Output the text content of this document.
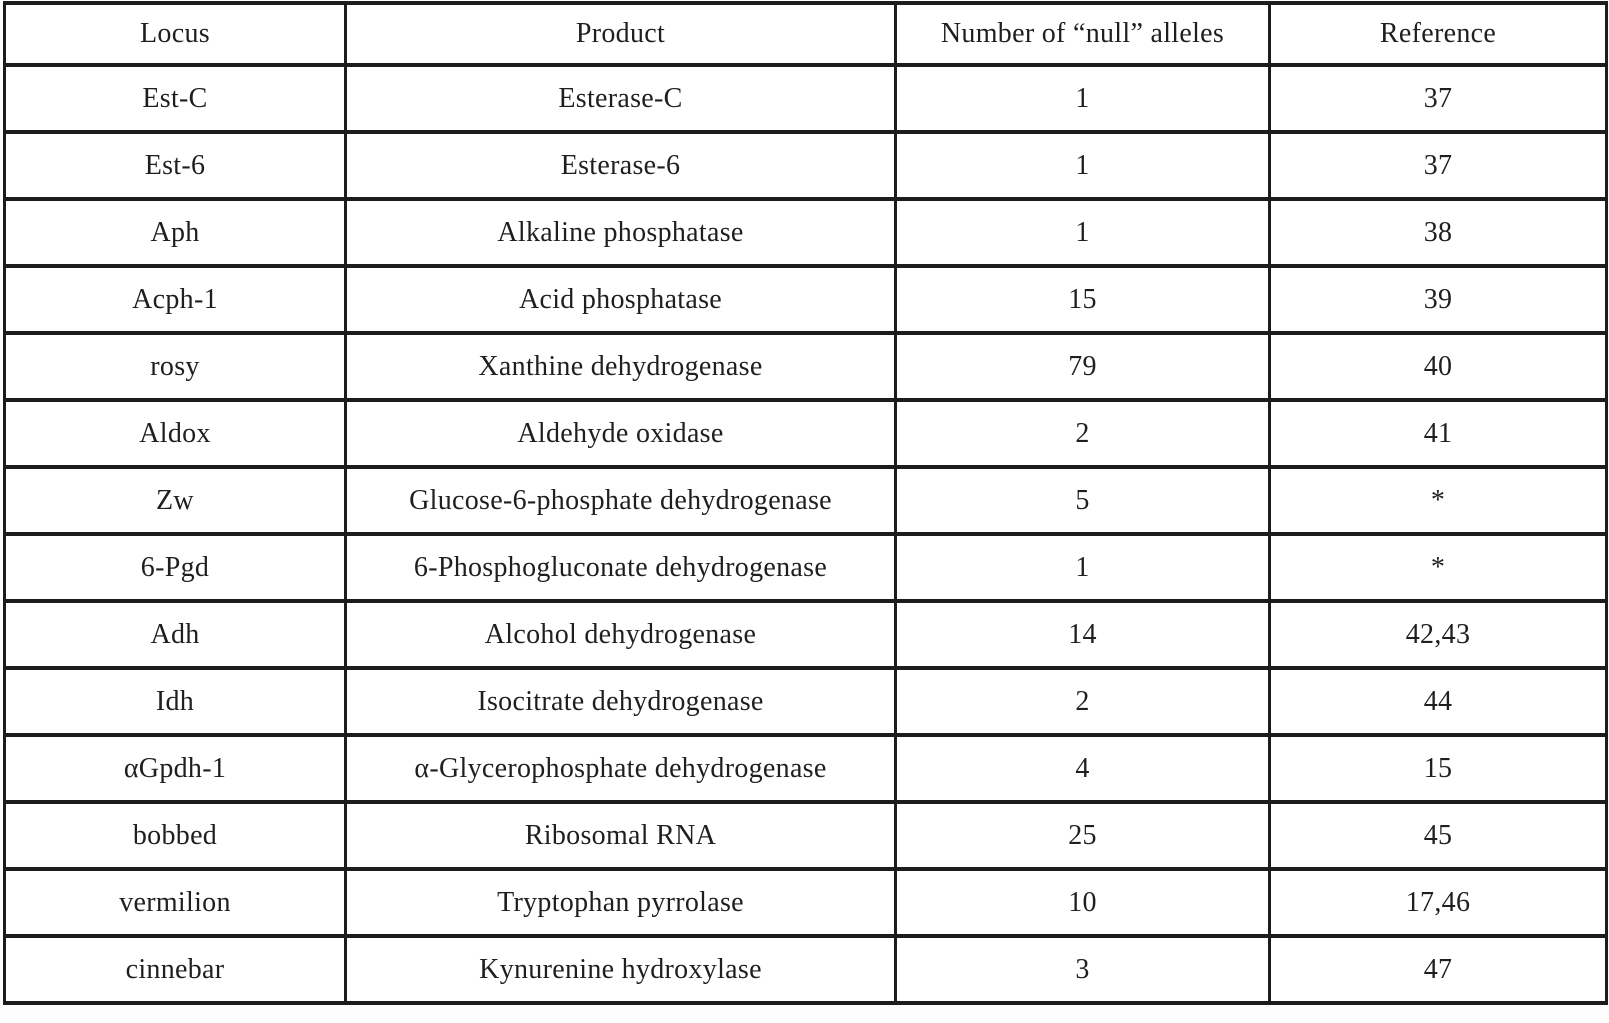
Locus	Product	Number of “null” alleles	Reference
Est-C	Esterase-C	1	37
Est-6	Esterase-6	1	37
Aph	Alkaline phosphatase	1	38
Acph-1	Acid phosphatase	15	39
rosy	Xanthine dehydrogenase	79	40
Aldox	Aldehyde oxidase	2	41
Zw	Glucose-6-phosphate dehydrogenase	5	*
6-Pgd	6-Phosphogluconate dehydrogenase	1	*
Adh	Alcohol dehydrogenase	14	42,43
Idh	Isocitrate dehydrogenase	2	44
αGpdh-1	α-Glycerophosphate dehydrogenase	4	15
bobbed	Ribosomal RNA	25	45
vermilion	Tryptophan pyrrolase	10	17,46
cinnebar	Kynurenine hydroxylase	3	47
